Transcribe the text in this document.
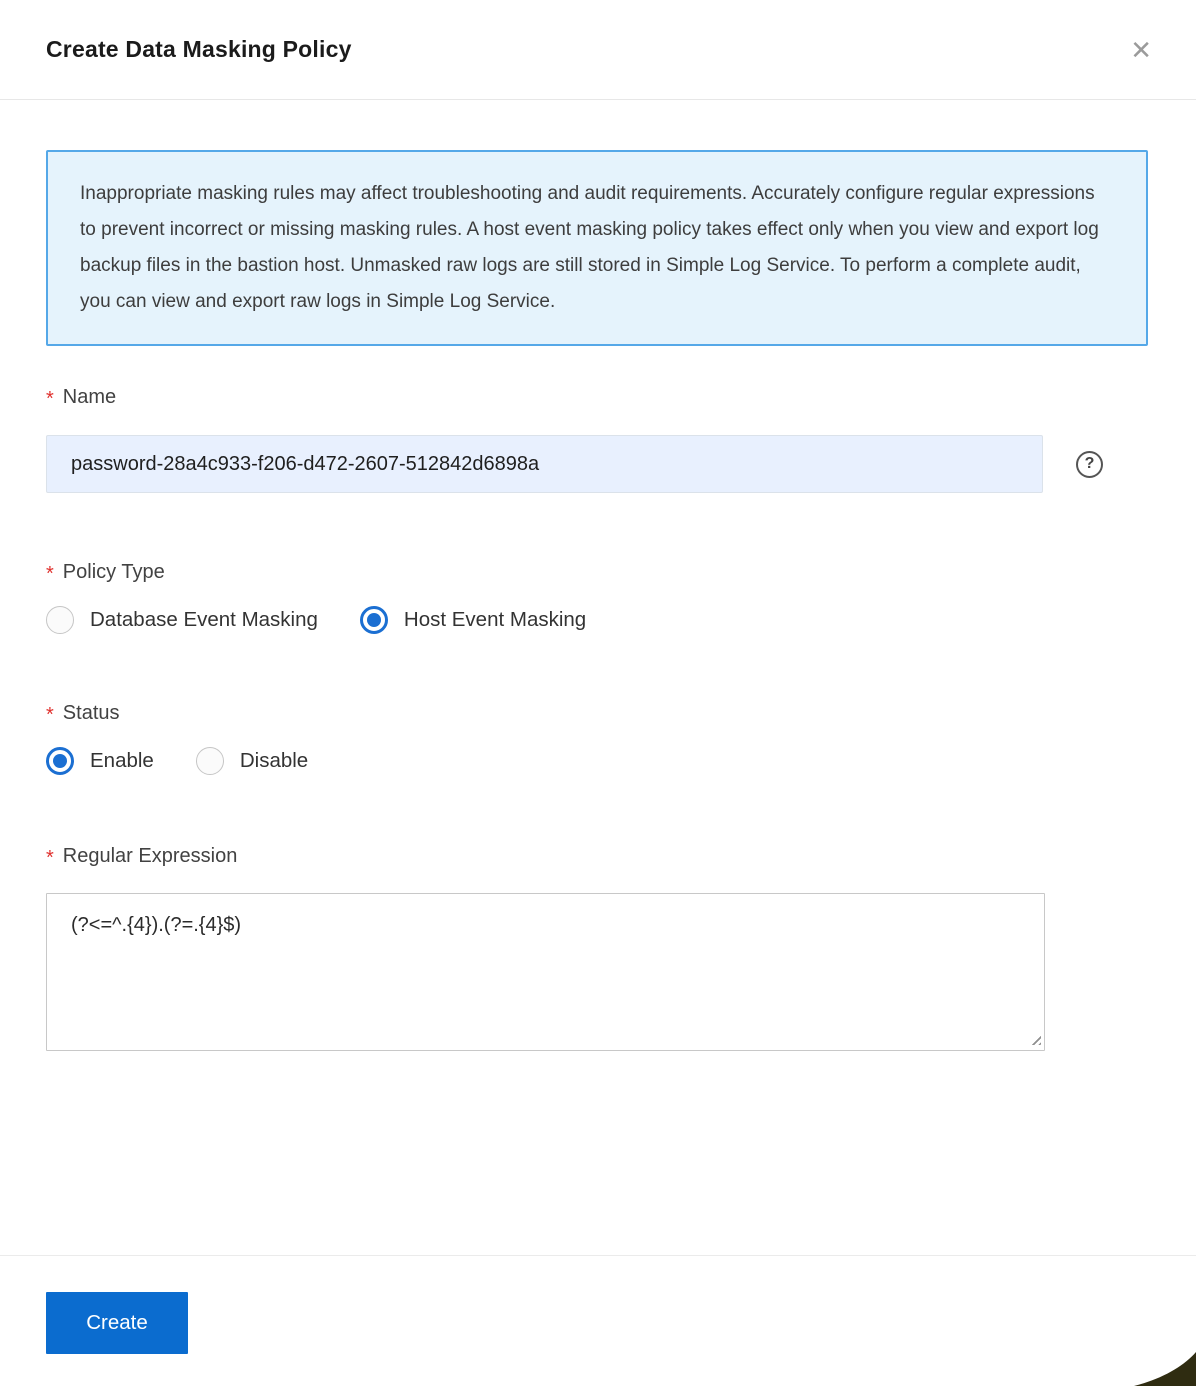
Create Data Masking Policy	✕
Inappropriate masking rules may affect troubleshooting and audit requirements. Accurately configure regular expressions to prevent incorrect or missing masking rules. A host event masking policy takes effect only when you view and export log backup files in the bastion host. Unmasked raw logs are still stored in Simple Log Service. To perform a complete audit, you can view and export raw logs in Simple Log Service.
* Name
password-28a4c933-f206-d472-2607-512842d6898a
?
* Policy Type
Database Event Masking	Host Event Masking
* Status
Enable	Disable
* Regular Expression
(?<=^.{4}).(?=.{4}$)
Create
